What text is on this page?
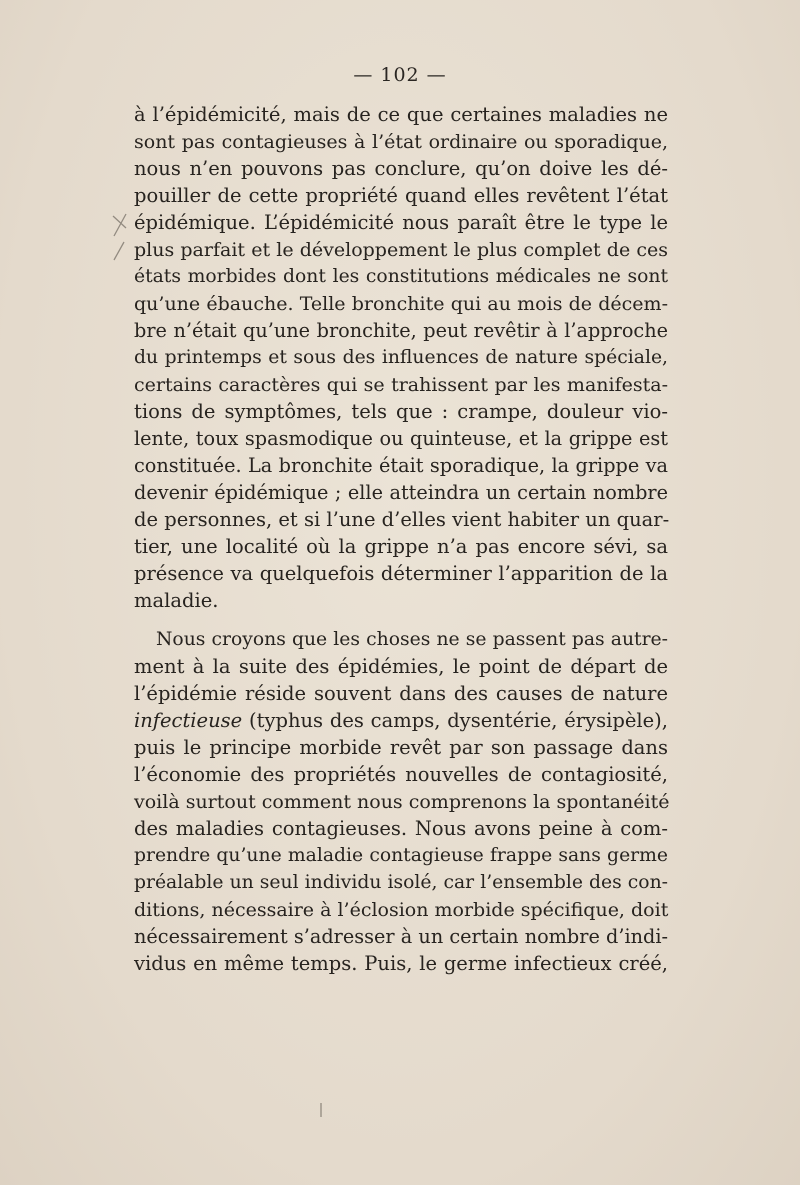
— 102 —
à l’épidémicité, mais de ce que certaines maladies ne
sont pas contagieuses à l’état ordinaire ou sporadique,
nous n’en pouvons pas conclure, qu’on doive les dé-
pouiller de cette propriété quand elles revêtent l’état
épidémique. L’épidémicité nous paraît être le type le
plus parfait et le développement le plus complet de ces
états morbides dont les constitutions médicales ne sont
qu’une ébauche. Telle bronchite qui au mois de décem-
bre n’était qu’une bronchite, peut revêtir à l’approche
du printemps et sous des influences de nature spéciale,
certains caractères qui se trahissent par les manifesta-
tions de symptômes, tels que : crampe, douleur vio-
lente, toux spasmodique ou quinteuse, et la grippe est
constituée. La bronchite était sporadique, la grippe va
devenir épidémique ; elle atteindra un certain nombre
de personnes, et si l’une d’elles vient habiter un quar-
tier, une localité où la grippe n’a pas encore sévi, sa
présence va quelquefois déterminer l’apparition de la
maladie.
Nous croyons que les choses ne se passent pas autre-
ment à la suite des épidémies, le point de départ de
l’épidémie réside souvent dans des causes de nature
infectieuse (typhus des camps, dysentérie, érysipèle),
puis le principe morbide revêt par son passage dans
l’économie des propriétés nouvelles de contagiosité,
voilà surtout comment nous comprenons la spontanéité
des maladies contagieuses. Nous avons peine à com-
prendre qu’une maladie contagieuse frappe sans germe
préalable un seul individu isolé, car l’ensemble des con-
ditions, nécessaire à l’éclosion morbide spécifique, doit
nécessairement s’adresser à un certain nombre d’indi-
vidus en même temps. Puis, le germe infectieux créé,
